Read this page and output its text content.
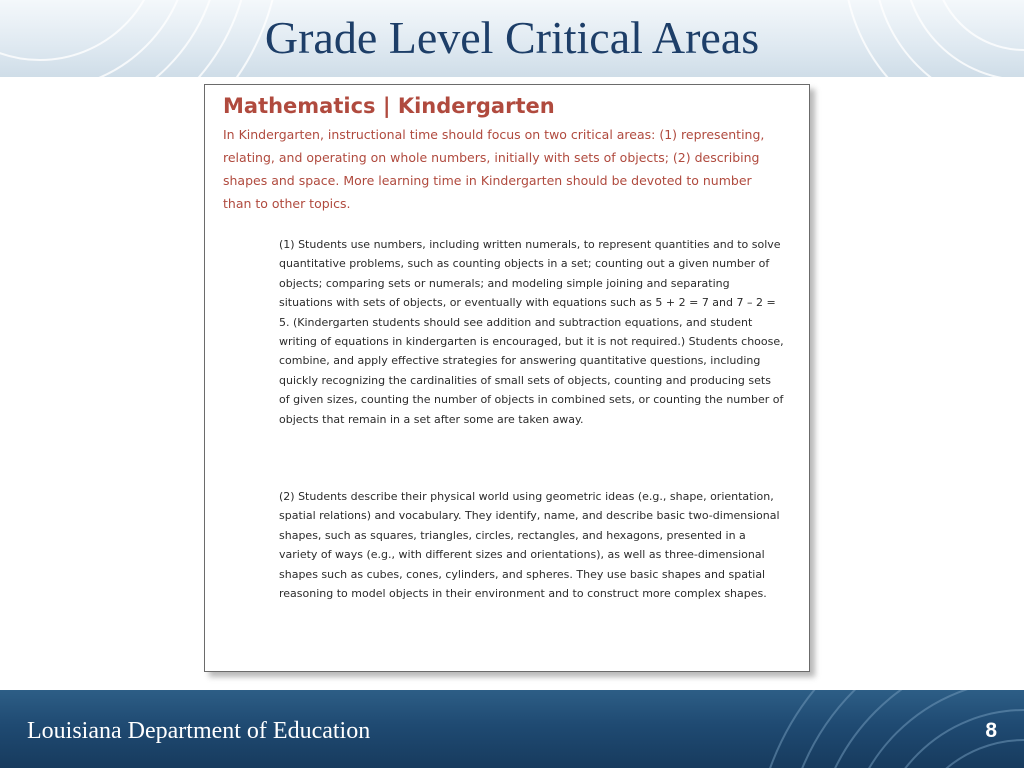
Grade Level Critical Areas
Mathematics | Kindergarten

In Kindergarten, instructional time should focus on two critical areas: (1) representing, relating, and operating on whole numbers, initially with sets of objects; (2) describing shapes and space. More learning time in Kindergarten should be devoted to number than to other topics.

(1) Students use numbers, including written numerals, to represent quantities and to solve quantitative problems, such as counting objects in a set; counting out a given number of objects; comparing sets or numerals; and modeling simple joining and separating situations with sets of objects, or eventually with equations such as 5 + 2 = 7 and 7 – 2 = 5. (Kindergarten students should see addition and subtraction equations, and student writing of equations in kindergarten is encouraged, but it is not required.) Students choose, combine, and apply effective strategies for answering quantitative questions, including quickly recognizing the cardinalities of small sets of objects, counting and producing sets of given sizes, counting the number of objects in combined sets, or counting the number of objects that remain in a set after some are taken away.

(2) Students describe their physical world using geometric ideas (e.g., shape, orientation, spatial relations) and vocabulary. They identify, name, and describe basic two-dimensional shapes, such as squares, triangles, circles, rectangles, and hexagons, presented in a variety of ways (e.g., with different sizes and orientations), as well as three-dimensional shapes such as cubes, cones, cylinders, and spheres. They use basic shapes and spatial reasoning to model objects in their environment and to construct more complex shapes.

Louisiana Department of Education	8
